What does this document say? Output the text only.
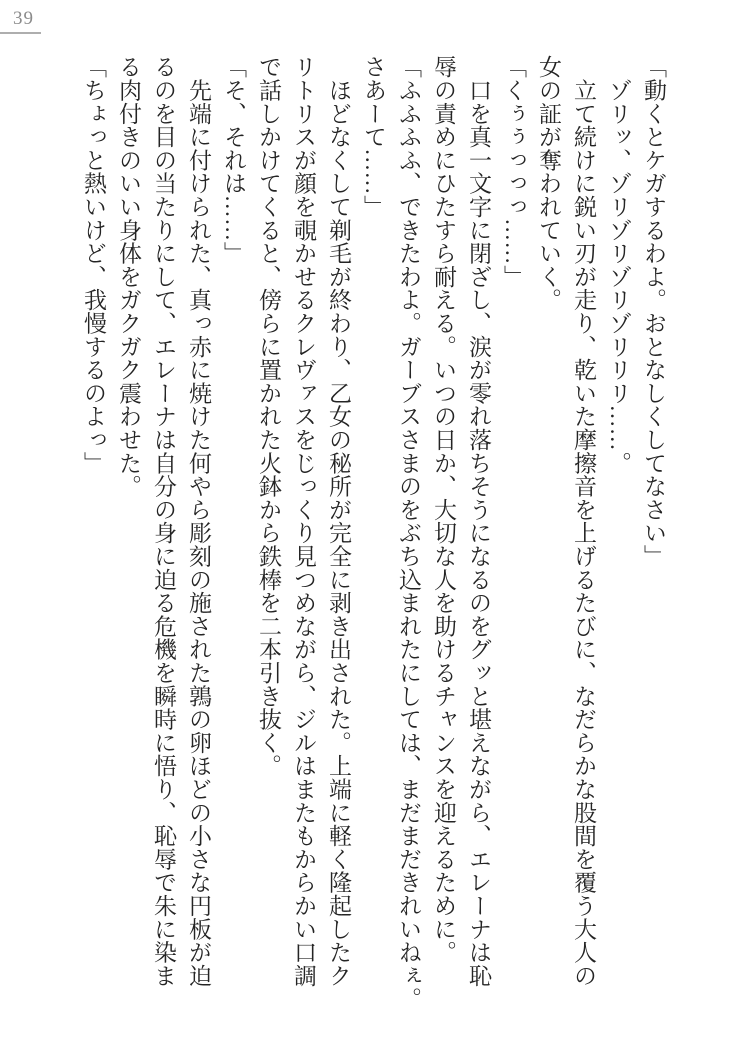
39

「動くとケガするわよ。おとなしくしてなさい」

　ゾリッ、ゾリゾリゾリゾリリリ……。

　立て続けに鋭い刃が走り、乾いた摩擦音を上げるたびに、なだらかな股間を覆う大人の

女の証が奪われていく。

「くぅぅっっっ……」

　口を真一文字に閉ざし、涙が零れ落ちそうになるのをグッと堪えながら、エレーナは恥

辱の責めにひたすら耐える。いつの日か、大切な人を助けるチャンスを迎えるために。

「ふふふふ、できたわよ。ガーブスさまのをぶち込まれたにしては、まだまだきれいねぇ。

さあーて……」

　ほどなくして剃毛が終わり、乙女の秘所が完全に剥き出された。上端に軽く隆起したク

リトリスが顔を覗かせるクレヴァスをじっくり見つめながら、ジルはまたもからかい口調

で話しかけてくると、傍らに置かれた火鉢から鉄棒を二本引き抜く。

「そ、それは……」

　先端に付けられた、真っ赤に焼けた何やら彫刻の施された鶉の卵ほどの小さな円板が迫

るのを目の当たりにして、エレーナは自分の身に迫る危機を瞬時に悟り、恥辱で朱に染ま

る肉付きのいい身体をガクガク震わせた。

「ちょっと熱いけど、我慢するのよっ」
